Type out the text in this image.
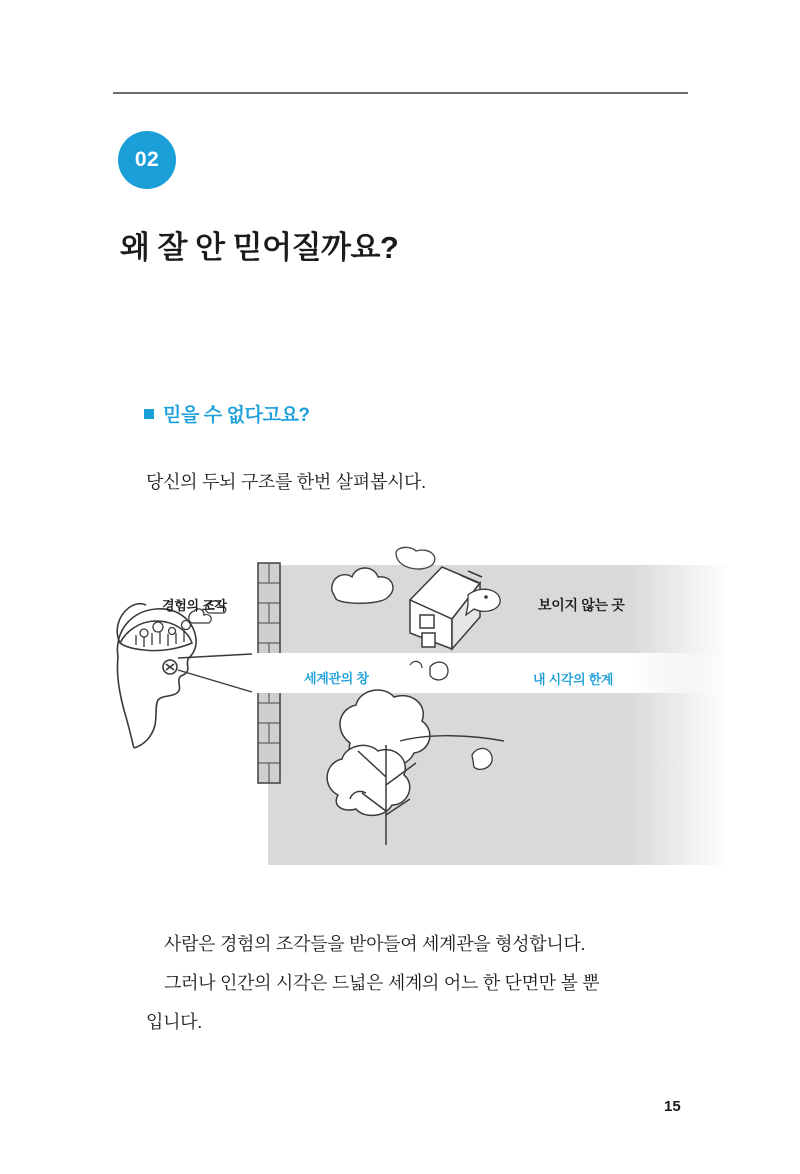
02
왜 잘 안 믿어질까요?
믿을 수 없다고요?
당신의 두뇌 구조를 한번 살펴봅시다.
경험의 조각	보이지 않는 곳
세계관의 창	내 시각의 한계
사람은 경험의 조각들을 받아들여 세계관을 형성합니다.
그러나 인간의 시각은 드넓은 세계의 어느 한 단면만 볼 뿐
입니다.
15
